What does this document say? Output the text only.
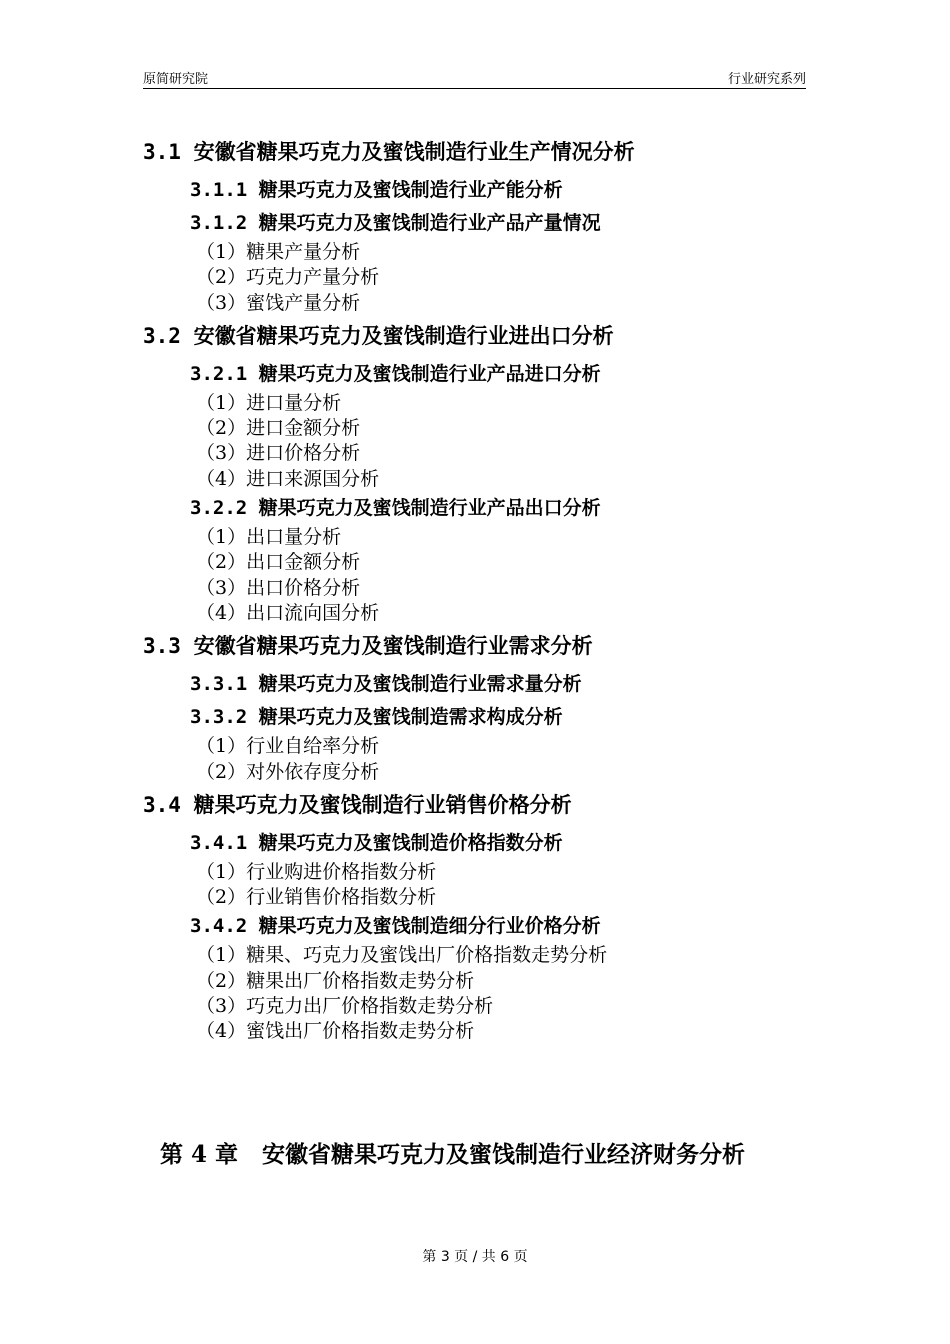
原简研究院	行业研究系列
3.1 安徽省糖果巧克力及蜜饯制造行业生产情况分析
3.1.1 糖果巧克力及蜜饯制造行业产能分析
3.1.2 糖果巧克力及蜜饯制造行业产品产量情况
（1）糖果产量分析
（2）巧克力产量分析
（3）蜜饯产量分析
3.2 安徽省糖果巧克力及蜜饯制造行业进出口分析
3.2.1 糖果巧克力及蜜饯制造行业产品进口分析
（1）进口量分析
（2）进口金额分析
（3）进口价格分析
（4）进口来源国分析
3.2.2 糖果巧克力及蜜饯制造行业产品出口分析
（1）出口量分析
（2）出口金额分析
（3）出口价格分析
（4）出口流向国分析
3.3 安徽省糖果巧克力及蜜饯制造行业需求分析
3.3.1 糖果巧克力及蜜饯制造行业需求量分析
3.3.2 糖果巧克力及蜜饯制造需求构成分析
（1）行业自给率分析
（2）对外依存度分析
3.4 糖果巧克力及蜜饯制造行业销售价格分析
3.4.1 糖果巧克力及蜜饯制造价格指数分析
（1）行业购进价格指数分析
（2）行业销售价格指数分析
3.4.2 糖果巧克力及蜜饯制造细分行业价格分析
（1）糖果、巧克力及蜜饯出厂价格指数走势分析
（2）糖果出厂价格指数走势分析
（3）巧克力出厂价格指数走势分析
（4）蜜饯出厂价格指数走势分析
第 4 章 安徽省糖果巧克力及蜜饯制造行业经济财务分析
第 3 页 / 共 6 页
